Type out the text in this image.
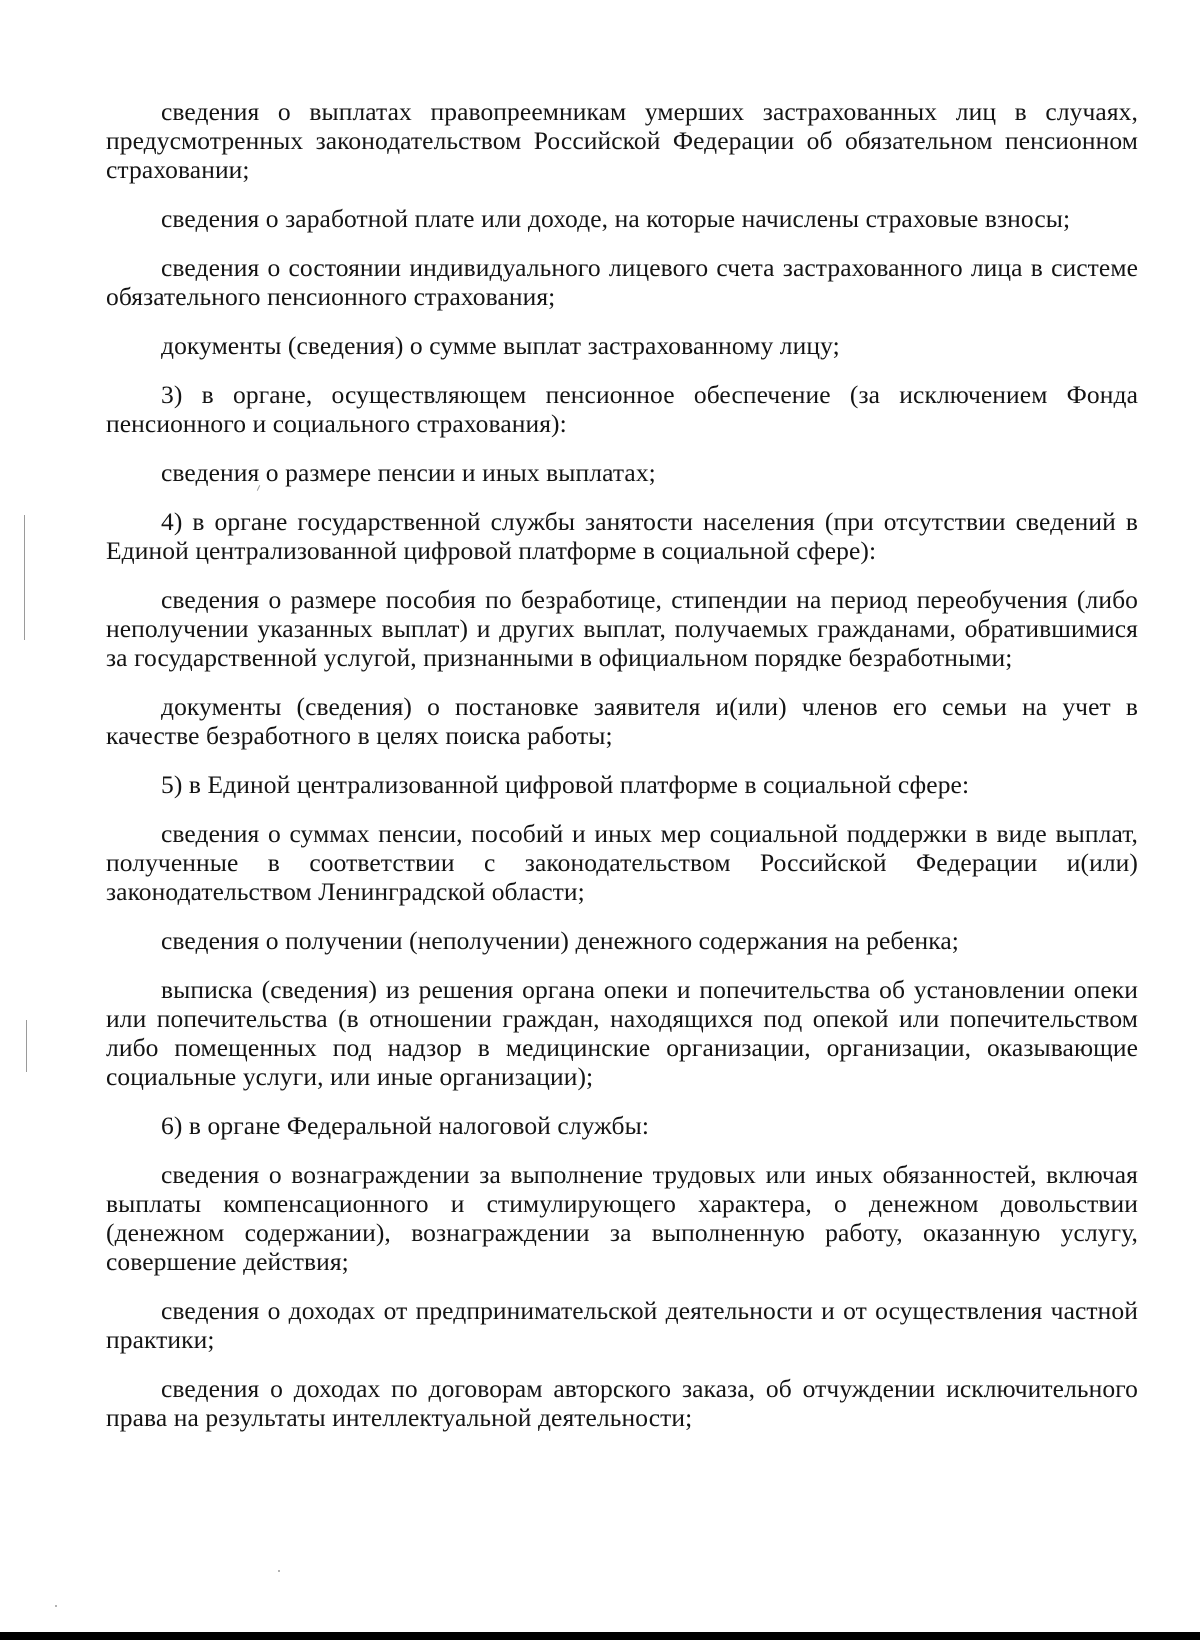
сведения о выплатах правопреемникам умерших застрахованных лиц в случаях, предусмотренных законодательством Российской Федерации об обязательном пенсионном страховании;

сведения о заработной плате или доходе, на которые начислены страховые взносы;

сведения о состоянии индивидуального лицевого счета застрахованного лица в системе обязательного пенсионного страхования;

документы (сведения) о сумме выплат застрахованному лицу;

3) в органе, осуществляющем пенсионное обеспечение (за исключением Фонда пенсионного и социального страхования):

сведения о размере пенсии и иных выплатах;

4) в органе государственной службы занятости населения (при отсутствии сведений в Единой централизованной цифровой платформе в социальной сфере):

сведения о размере пособия по безработице, стипендии на период переобучения (либо неполучении указанных выплат) и других выплат, получаемых гражданами, обратившимися за государственной услугой, признанными в официальном порядке безработными;

документы (сведения) о постановке заявителя и(или) членов его семьи на учет в качестве безработного в целях поиска работы;

5) в Единой централизованной цифровой платформе в социальной сфере:

сведения о суммах пенсии, пособий и иных мер социальной поддержки в виде выплат, полученные в соответствии с законодательством Российской Федерации и(или) законодательством Ленинградской области;

сведения о получении (неполучении) денежного содержания на ребенка;

выписка (сведения) из решения органа опеки и попечительства об установлении опеки или попечительства (в отношении граждан, находящихся под опекой или попечительством либо помещенных под надзор в медицинские организации, организации, оказывающие социальные услуги, или иные организации);

6) в органе Федеральной налоговой службы:

сведения о вознаграждении за выполнение трудовых или иных обязанностей, включая выплаты компенсационного и стимулирующего характера, о денежном довольствии (денежном содержании), вознаграждении за выполненную работу, оказанную услугу, совершение действия;

сведения о доходах от предпринимательской деятельности и от осуществления частной практики;

сведения о доходах по договорам авторского заказа, об отчуждении исключительного права на результаты интеллектуальной деятельности;
